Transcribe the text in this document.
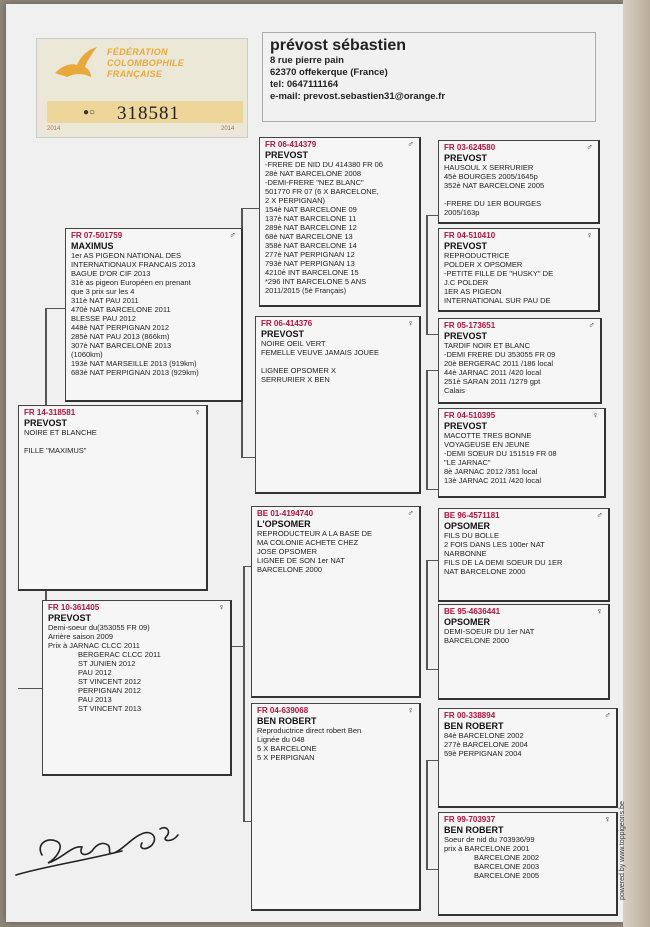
FÉDÉRATION
COLOMBOPHILE
FRANÇAISE
●○ 318581
2014	2014
prévost sébastien
8 rue pierre pain
62370 offekerque (France)
tel: 0647111164
e-mail: prevost.sebastien31@orange.fr
FR 14-318581	♀
PREVOST
NOIRE ET BLANCHE

FILLE "MAXIMUS"
FR 07-501759	♂
MAXIMUS
1er AS PIGEON NATIONAL DES
INTERNATIONAUX FRANCAIS 2013
BAGUE D'OR CIF 2013
31è as pigeon Européen en prenant
que 3 prix sur les 4
311è NAT PAU 2011
470è NAT BARCELONE 2011
BLESSE PAU 2012
448è NAT PERPIGNAN 2012
285è NAT PAU 2013 (866km)
307è NAT BARCELONE 2013
(1060km)
193è NAT MARSEILLE 2013 (919km)
683è NAT PERPIGNAN 2013 (929km)
FR 10-361405	♀
PREVOST
Demi-soeur du(353055 FR 09)
Arrière saison 2009
Prix à JARNAC CLCC 2011
BERGERAC CLCC 2011
ST JUNIEN 2012
PAU 2012
ST VINCENT 2012
PERPIGNAN 2012
PAU 2013
ST VINCENT 2013
FR 06-414379	♂
PREVOST
-FRERE DE NID DU 414380 FR 06
28è NAT BARCELONE 2008
-DEMI-FRERE "NEZ BLANC"
501770 FR 07 (6 X BARCELONE,
2 X PERPIGNAN)
154è NAT BARCELONE 09
137è NAT BARCELONE 11
289è NAT BARCELONE 12
68è NAT BARCELONE 13
358è NAT BARCELONE 14
277è NAT PERPIGNAN 12
793è NAT PERPIGNAN 13
4210è INT BARCELONE 15
*296 INT BARCELONE 5 ANS
2011/2015 (5è Français)
FR 06-414376	♀
PREVOST
NOIRE OEIL VERT
FEMELLE VEUVE JAMAIS JOUEE

LIGNEE OPSOMER X
SERRURIER X BEN
BE 01-4194740	♂
L'OPSOMER
REPRODUCTEUR A LA BASE DE
MA COLONIE ACHETE CHEZ
JOSE OPSOMER
LIGNEE DE SON 1er NAT
BARCELONE 2000
FR 04-639068	♀
BEN ROBERT
Reproductrice direct robert Ben
Lignée du 048
5 X BARCELONE
5 X PERPIGNAN
FR 03-624580	♂
PREVOST
HAUSOUL X SERRURIER
45è BOURGES 2005/1645p
352è NAT BARCELONE 2005

-FRERE DU 1ER BOURGES
2005/163p
FR 04-510410	♀
PREVOST
REPRODUCTRICE
POLDER X OPSOMER
-PETITE FILLE DE "HUSKY" DE
J.C POLDER
1ER AS PIGEON
INTERNATIONAL SUR PAU DE
FR 05-173651	♂
PREVOST
TARDIF NOIR ET BLANC
-DEMI FRERE DU 353055 FR 09
20è BERGERAC 2011 /186 local
44è JARNAC 2011 /420 local
251è SARAN 2011 /1279 gpt
Calais
FR 04-510395	♀
PREVOST
MACOTTE TRES BONNE
VOYAGEUSE EN JEUNE
-DEMI SOEUR DU 151519 FR 08
"LE JARNAC"
8è JARNAC 2012 /351 local
13è JARNAC 2011 /420 local
BE 96-4571181	♂
OPSOMER
FILS DU BOLLE
2 FOIS DANS LES 100er NAT
NARBONNE
FILS DE LA DEMI SOEUR DU 1ER
NAT BARCELONE 2000
BE 95-4636441	♀
OPSOMER
DEMI-SOEUR DU 1er NAT
BARCELONE 2000
FR 00-338894	♂
BEN ROBERT
84è BARCELONE 2002
277è BARCELONE 2004
59è PERPIGNAN 2004
FR 99-703937	♀
BEN ROBERT
Soeur de nid du 703936/99
prix à BARCELONE 2001
BARCELONE 2002
BARCELONE 2003
BARCELONE 2005	powered by www.toppigeons.be
